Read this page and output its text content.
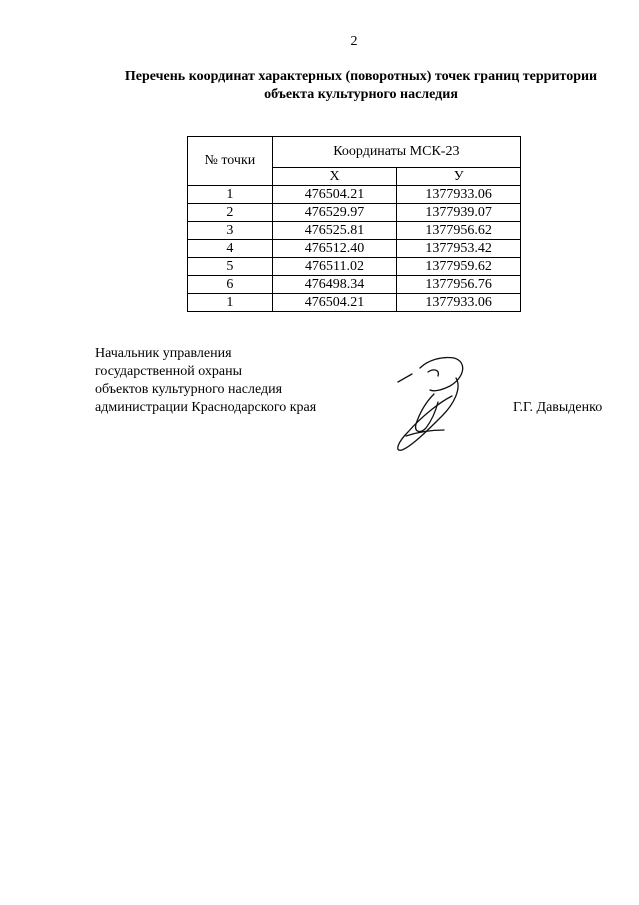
2
Перечень координат характерных (поворотных) точек границ территории
объекта культурного наследия
№ точки	Координаты МСК-23	
	X	У
1	476504.21	1377933.06
2	476529.97	1377939.07
3	476525.81	1377956.62
4	476512.40	1377953.42
5	476511.02	1377959.62
6	476498.34	1377956.76
1	476504.21	1377933.06
Начальник управления
государственной охраны
объектов культурного наследия
администрации Краснодарского края	Г.Г. Давыденко
